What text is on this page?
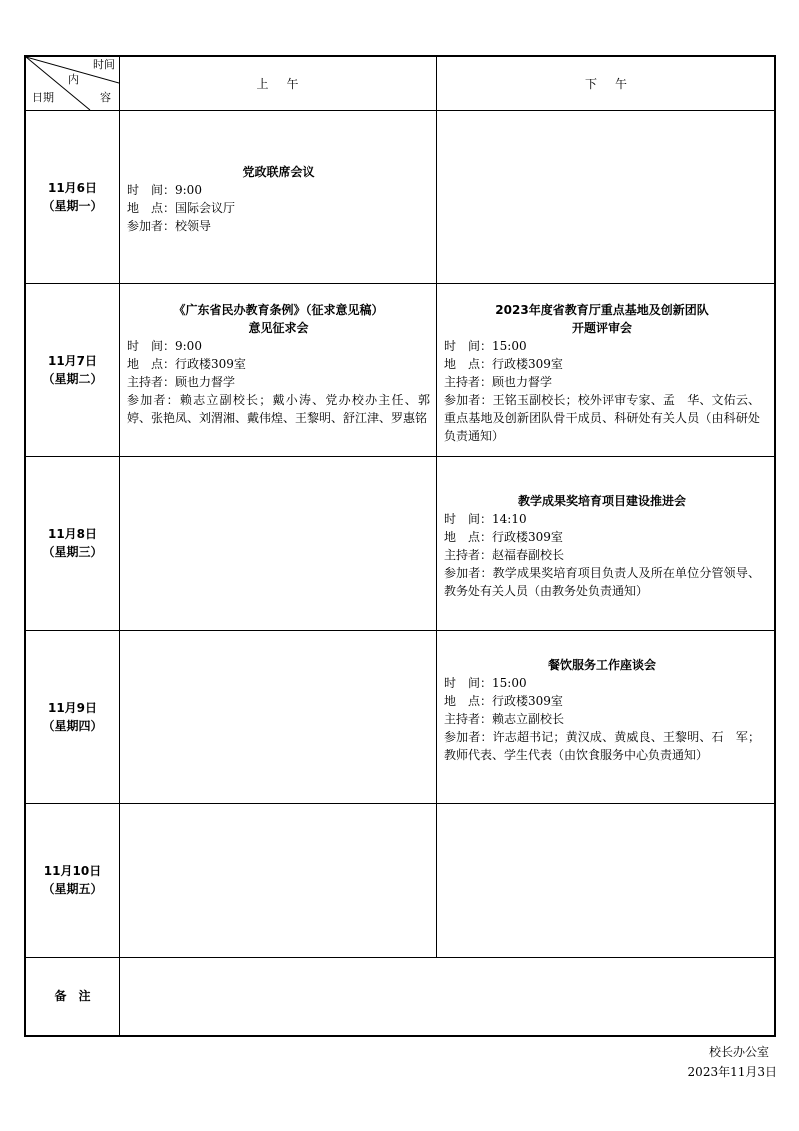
时间
内
容
日期
上午	下午
11月6日
（星期一）
党政联席会议
时　间：9:00
地　点：国际会议厅
参加者：校领导
11月7日
（星期二）
《广东省民办教育条例》（征求意见稿）
意见征求会
时　间：9:00
地　点：行政楼309室
主持者：顾也力督学
参加者：赖志立副校长；戴小涛、党办校办主任、郭　婷、张艳凤、刘渭湘、戴伟煌、王黎明、舒江津、罗惠铭
2023年度省教育厅重点基地及创新团队
开题评审会
时　间：15:00
地　点：行政楼309室
主持者：顾也力督学
参加者：王铭玉副校长；校外评审专家、孟　华、文佑云、重点基地及创新团队骨干成员、科研处有关人员（由科研处负责通知）
11月8日
（星期三）
教学成果奖培育项目建设推进会
时　间：14:10
地　点：行政楼309室
主持者：赵福春副校长
参加者：教学成果奖培育项目负责人及所在单位分管领导、教务处有关人员（由教务处负责通知）
11月9日
（星期四）
餐饮服务工作座谈会
时　间：15:00
地　点：行政楼309室
主持者：赖志立副校长
参加者：许志超书记；黄汉成、黄威良、王黎明、石　军；教师代表、学生代表（由饮食服务中心负责通知）
11月10日
（星期五）
备　注
校长办公室
2023年11月3日
